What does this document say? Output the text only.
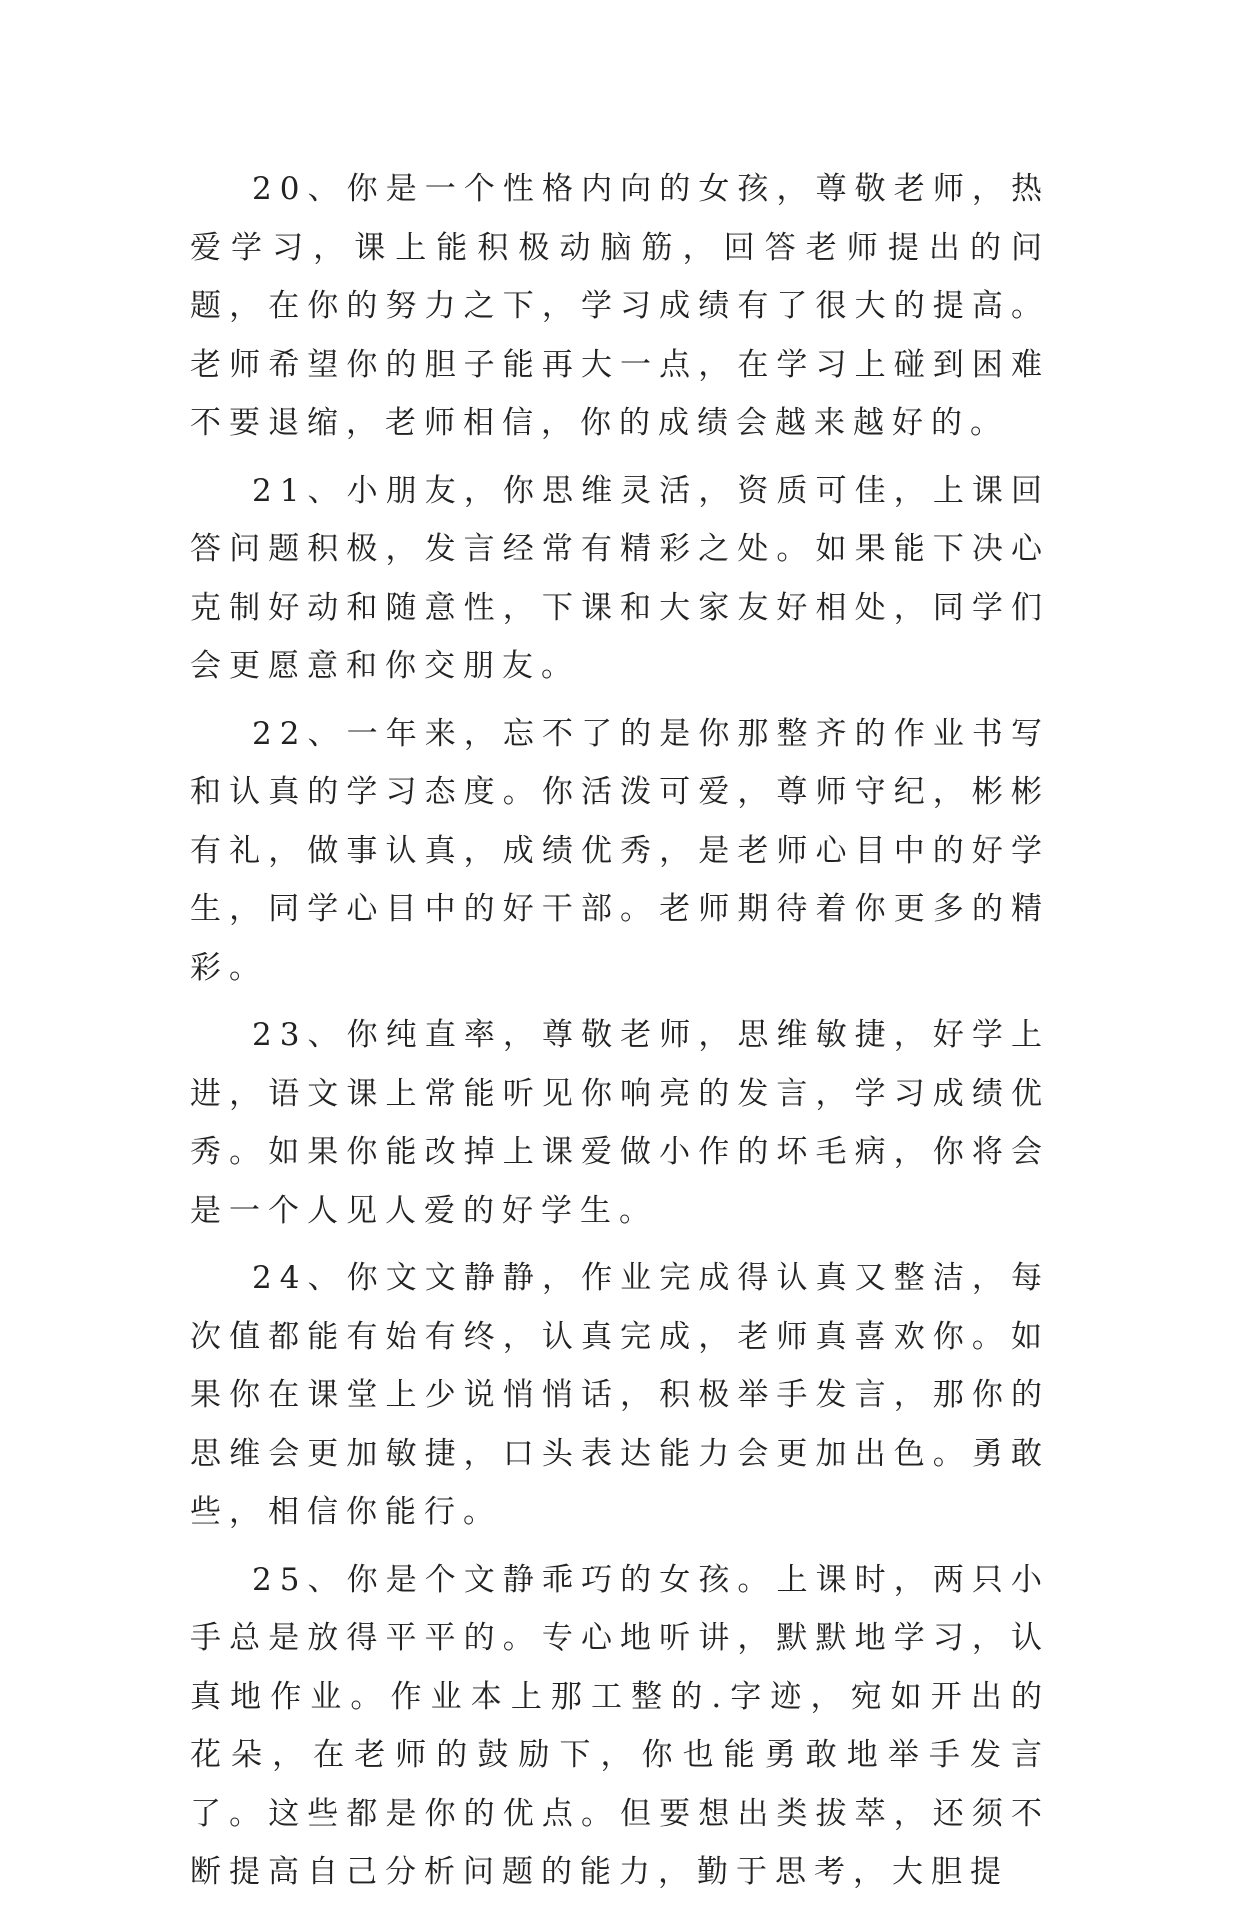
20、你是一个性格内向的女孩，尊敬老师，热爱学习，课上能积极动脑筋，回答老师提出的问题，在你的努力之下，学习成绩有了很大的提高。老师希望你的胆子能再大一点，在学习上碰到困难不要退缩，老师相信，你的成绩会越来越好的。

21、小朋友，你思维灵活，资质可佳，上课回答问题积极，发言经常有精彩之处。如果能下决心克制好动和随意性，下课和大家友好相处，同学们会更愿意和你交朋友。

22、一年来，忘不了的是你那整齐的作业书写和认真的学习态度。你活泼可爱，尊师守纪，彬彬有礼，做事认真，成绩优秀，是老师心目中的好学生，同学心目中的好干部。老师期待着你更多的精彩。

23、你纯直率，尊敬老师，思维敏捷，好学上进，语文课上常能听见你响亮的发言，学习成绩优秀。如果你能改掉上课爱做小作的坏毛病，你将会是一个人见人爱的好学生。

24、你文文静静，作业完成得认真又整洁，每次值都能有始有终，认真完成，老师真喜欢你。如果你在课堂上少说悄悄话，积极举手发言，那你的思维会更加敏捷，口头表达能力会更加出色。勇敢些，相信你能行。

25、你是个文静乖巧的女孩。上课时，两只小手总是放得平平的。专心地听讲，默默地学习，认真地作业。作业本上那工整的.字迹，宛如开出的花朵，在老师的鼓励下，你也能勇敢地举手发言了。这些都是你的优点。但要想出类拔萃，还须不断提高自己分析问题的能力，勤于思考，大胆提
